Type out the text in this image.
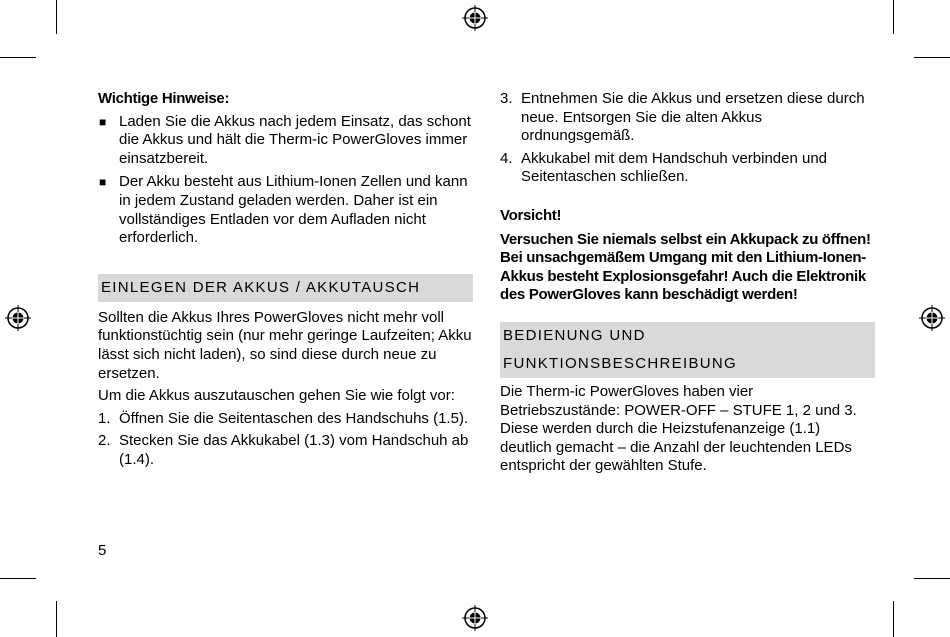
Wichtige Hinweise:
■ Laden Sie die Akkus nach jedem Einsatz, das schont die Akkus und hält die Therm-ic PowerGloves immer einsatzbereit.
■ Der Akku besteht aus Lithium-Ionen Zellen und kann in jedem Zustand geladen werden. Daher ist ein vollständiges Entladen vor dem Aufladen nicht erforderlich.
EINLEGEN DER AKKUS / AKKUTAUSCH

Sollten die Akkus Ihres PowerGloves nicht mehr voll funktionstüchtig sein (nur mehr geringe Laufzeiten; Akku lässt sich nicht laden), so sind diese durch neue zu ersetzen.

Um die Akkus auszutauschen gehen Sie wie folgt vor:

1. Öffnen Sie die Seitentaschen des Handschuhs (1.5).
2. Stecken Sie das Akkukabel (1.3) vom Handschuh ab (1.4).
3. Entnehmen Sie die Akkus und ersetzen diese durch neue. Entsorgen Sie die alten Akkus ordnungsgemäß.
4. Akkukabel mit dem Handschuh verbinden und Seitentaschen schließen.
Vorsicht!
Versuchen Sie niemals selbst ein Akkupack zu öffnen! Bei unsachgemäßem Umgang mit den Lithium-Ionen-Akkus besteht Explosionsgefahr! Auch die Elektronik des PowerGloves kann beschädigt werden!
BEDIENUNG UND
FUNKTIONSBESCHREIBUNG

Die Therm-ic PowerGloves haben vier Betriebszustände: POWER-OFF – STUFE 1, 2 und 3. Diese werden durch die Heizstufenanzeige (1.1) deutlich gemacht – die Anzahl der leuchtenden LEDs entspricht der gewählten Stufe.

5
